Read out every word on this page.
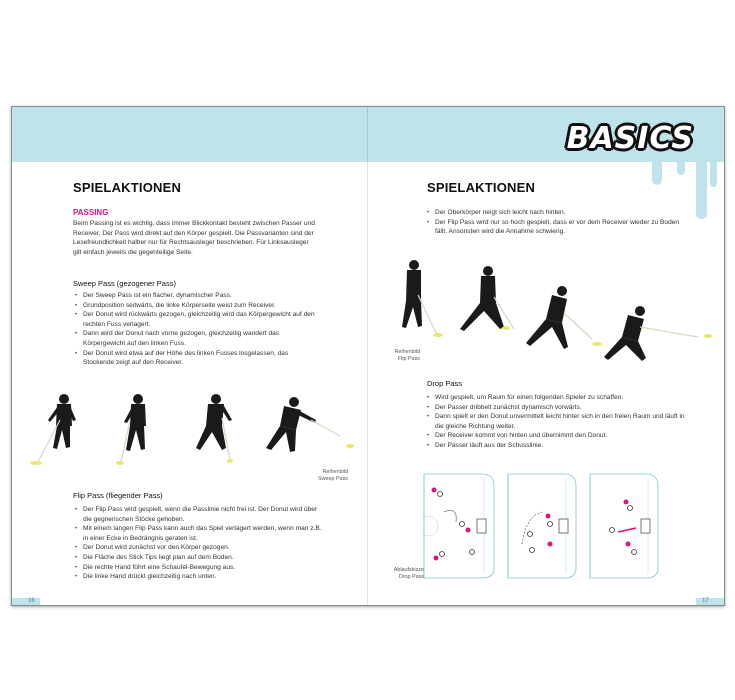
BASICS
SPIELAKTIONEN
PASSING
Beim Passing ist es wichtig, dass immer Blickkontakt besteht zwischen Passer und Receiver. Der Pass wird direkt auf den Körper gespielt. Die Passvarianten sind der Lesefreundlichkeit halber nur für Rechtsausleger beschrieben. Für Linksausleger gilt einfach jeweils die gegenteilige Seite.
Sweep Pass (gezogener Pass)
• Der Sweep Pass ist ein flacher, dynamischer Pass.
• Grundposition seitwärts, die linke Körperseite weist zum Receiver.
• Der Donut wird rückwärts gezogen, gleichzeitig wird das Körpergewicht auf den rechten Fuss verlagert.
• Dann wird der Donut nach vorne gezogen, gleichzeitig wandert das Körpergewicht auf den linken Fuss.
• Der Donut wird etwa auf der Höhe des linken Fusses losgelassen, das Stockende zeigt auf den Receiver.
Reihenbild
Sweep Pass
Flip Pass (fliegender Pass)
• Der Flip Pass wird gespielt, wenn die Passlinie nicht frei ist. Der Donut wird über die gegnerischen Stöcke gehoben.
• Mit einem langen Flip Pass kann auch das Spiel verlagert werden, wenn man z.B. in einer Ecke in Bedrängnis geraten ist.
• Der Donut wird zunächst vor den Körper gezogen.
• Die Fläche des Stick Tips liegt plan auf dem Boden.
• Die rechte Hand führt eine Schaufel-Bewegung aus.
• Die linke Hand drückt gleichzeitig nach unten.
16
SPIELAKTIONEN
• Der Oberkörper neigt sich leicht nach hinten.
• Der Flip Pass wird nur so hoch gespielt, dass er vor dem Receiver wieder zu Boden fällt. Ansonsten wird die Annahme schwierig.
Reihenbild
Flip Pass
Drop Pass
• Wird gespielt, um Raum für einen folgenden Spieler zu schaffen.
• Der Passer dribbelt zunächst dynamisch vorwärts.
• Dann spielt er den Donut unvermittelt leicht hinter sich in den freien Raum und läuft in die gleiche Richtung weiter.
• Der Receiver kommt von hinten und übernimmt den Donut.
• Der Passer läuft aus der Schusslinie.
Ablaufskizze
Drop Pass
17
